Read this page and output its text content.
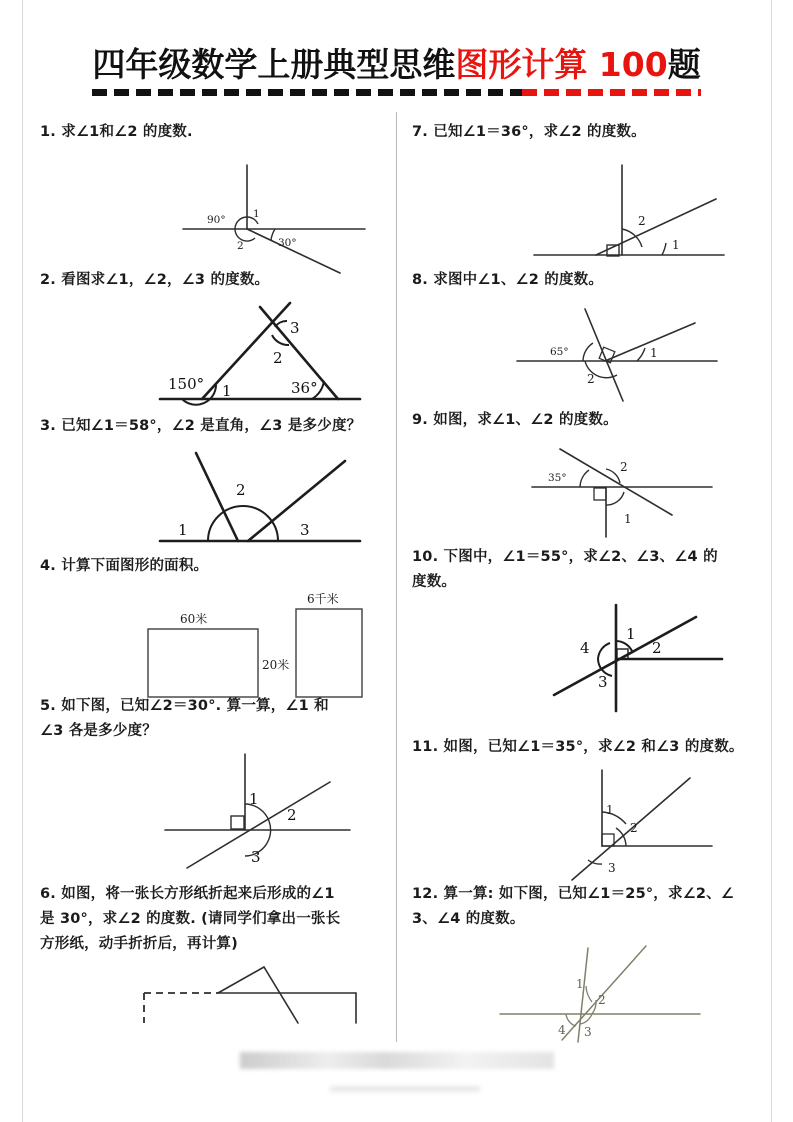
四年级数学上册典型思维图形计算 100题
1. 求∠1和∠2 的度数.
90°	1
2	30°
2. 看图求∠1，∠2，∠3 的度数。
150° 1
2
3
36°
3. 已知∠1＝58°，∠2 是直角，∠3 是多少度？
1
2
3
4. 计算下面图形的面积。
60米
20米
6千米
5. 如下图，已知∠2＝30°. 算一算，∠1 和
∠3 各是多少度？
1
2
3
6. 如图，将一张长方形纸折起来后形成的∠1
是 30°，求∠2 的度数. (请同学们拿出一张长
方形纸，动手折折后，再计算)
7. 已知∠1＝36°，求∠2 的度数。
2
1
8. 求图中∠1、∠2 的度数。
65°	1
2
9. 如图，求∠1、∠2 的度数。
35°
2
1
10. 下图中，∠1＝55°，求∠2、∠3、∠4 的
度数。
1
2
3
4
11. 如图，已知∠1＝35°，求∠2 和∠3 的度数。
1
2
3
12. 算一算: 如下图，已知∠1＝25°，求∠2、∠
3、∠4 的度数。
1
2
3
4
